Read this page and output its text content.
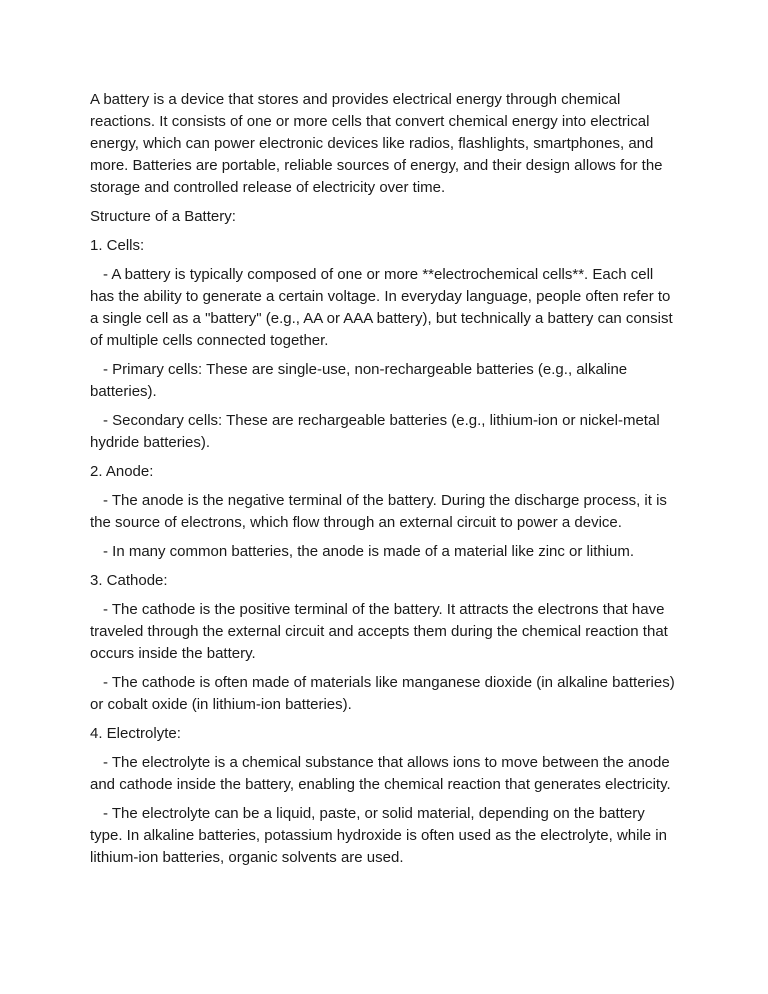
A battery is a device that stores and provides electrical energy through chemical reactions. It consists of one or more cells that convert chemical energy into electrical energy, which can power electronic devices like radios, flashlights, smartphones, and more. Batteries are portable, reliable sources of energy, and their design allows for the storage and controlled release of electricity over time.

Structure of a Battery:

1. Cells:

- A battery is typically composed of one or more **electrochemical cells**. Each cell has the ability to generate a certain voltage. In everyday language, people often refer to a single cell as a "battery" (e.g., AA or AAA battery), but technically a battery can consist of multiple cells connected together.

- Primary cells: These are single-use, non-rechargeable batteries (e.g., alkaline batteries).

- Secondary cells: These are rechargeable batteries (e.g., lithium-ion or nickel-metal hydride batteries).

2. Anode:

- The anode is the negative terminal of the battery. During the discharge process, it is the source of electrons, which flow through an external circuit to power a device.

- In many common batteries, the anode is made of a material like zinc or lithium.

3. Cathode:

- The cathode is the positive terminal of the battery. It attracts the electrons that have traveled through the external circuit and accepts them during the chemical reaction that occurs inside the battery.

- The cathode is often made of materials like manganese dioxide (in alkaline batteries) or cobalt oxide (in lithium-ion batteries).

4. Electrolyte:

- The electrolyte is a chemical substance that allows ions to move between the anode and cathode inside the battery, enabling the chemical reaction that generates electricity.

- The electrolyte can be a liquid, paste, or solid material, depending on the battery type. In alkaline batteries, potassium hydroxide is often used as the electrolyte, while in lithium-ion batteries, organic solvents are used.
